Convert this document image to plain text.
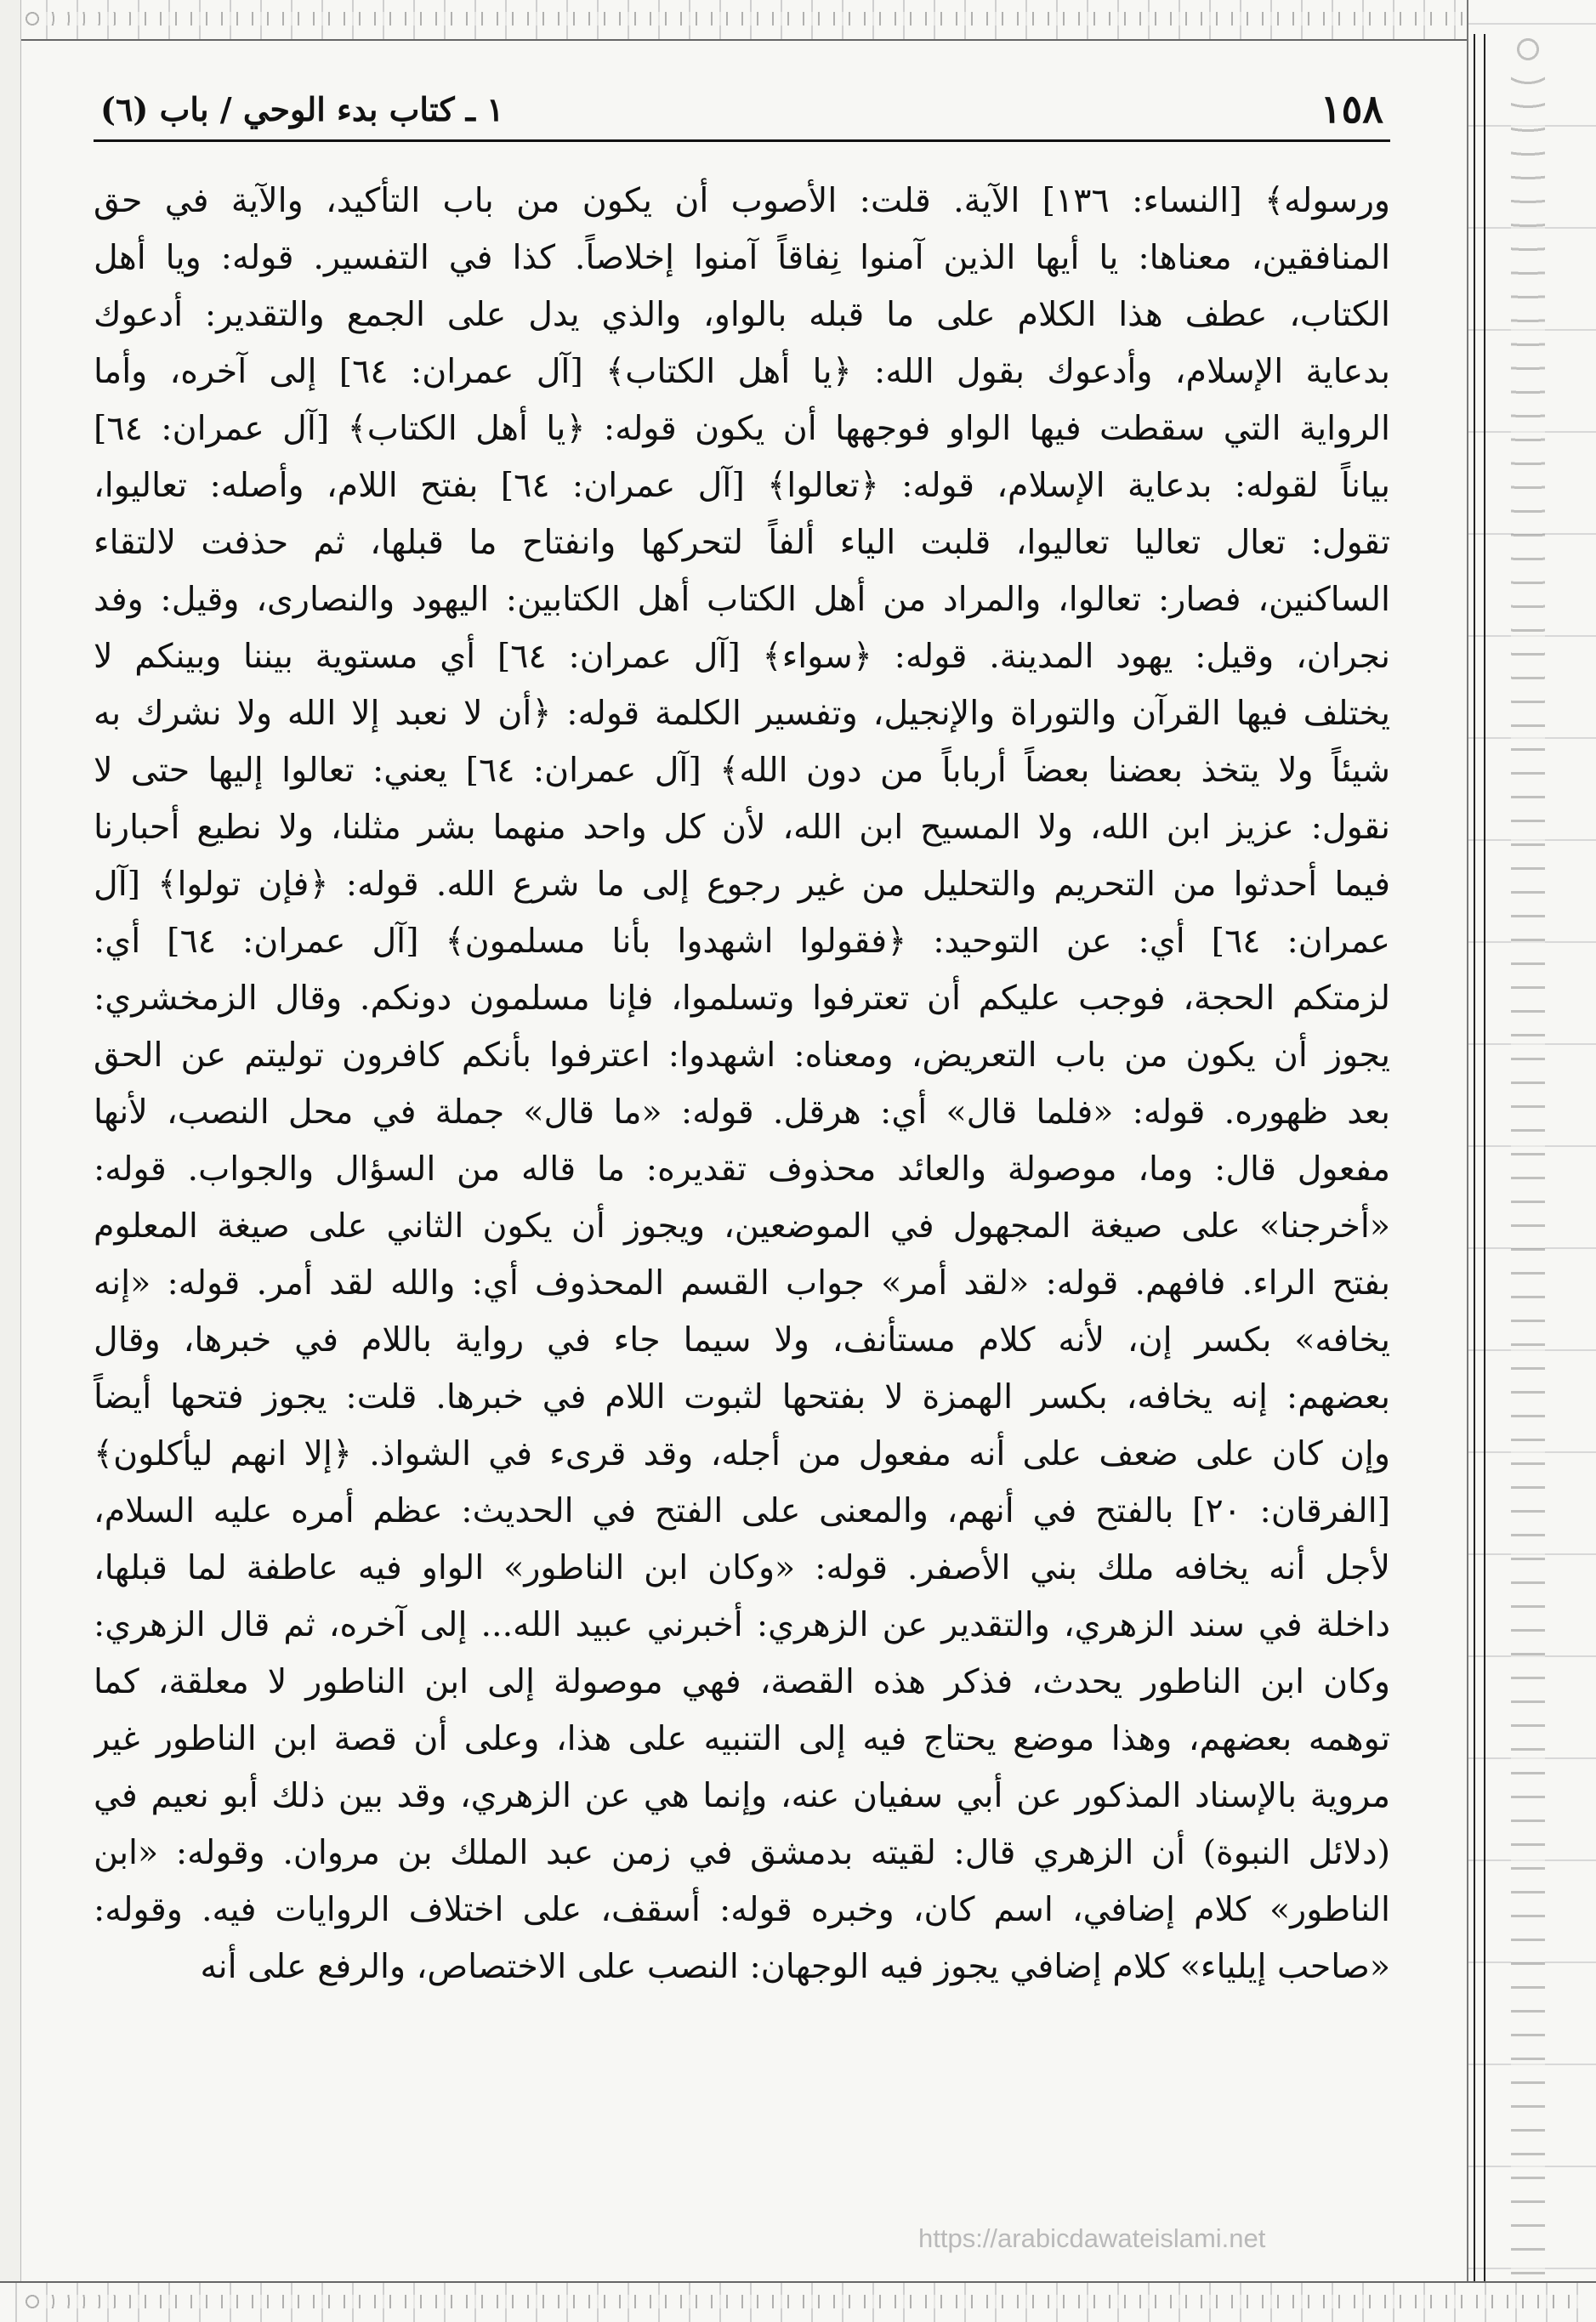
١٥٨
١ ـ كتاب بدء الوحي / باب (٦)
ورسوله﴾ [النساء: ١٣٦] الآية. قلت: الأصوب أن يكون من باب التأكيد، والآية في حق
المنافقين، معناها: يا أيها الذين آمنوا نِفاقاً آمنوا إخلاصاً. كذا في التفسير. قوله: ويا أهل
الكتاب، عطف هذا الكلام على ما قبله بالواو، والذي يدل على الجمع والتقدير: أدعوك
بدعاية الإسلام، وأدعوك بقول الله: ﴿يا أهل الكتاب﴾ [آل عمران: ٦٤] إلى آخره، وأما
الرواية التي سقطت فيها الواو فوجهها أن يكون قوله: ﴿يا أهل الكتاب﴾ [آل عمران: ٦٤]
بياناً لقوله: بدعاية الإسلام، قوله: ﴿تعالوا﴾ [آل عمران: ٦٤] بفتح اللام، وأصله: تعاليوا،
تقول: تعال تعاليا تعاليوا، قلبت الياء ألفاً لتحركها وانفتاح ما قبلها، ثم حذفت لالتقاء
الساكنين، فصار: تعالوا، والمراد من أهل الكتاب أهل الكتابين: اليهود والنصارى، وقيل: وفد
نجران، وقيل: يهود المدينة. قوله: ﴿سواء﴾ [آل عمران: ٦٤] أي مستوية بيننا وبينكم لا
يختلف فيها القرآن والتوراة والإنجيل، وتفسير الكلمة قوله: ﴿أن لا نعبد إلا الله ولا نشرك به
شيئاً ولا يتخذ بعضنا بعضاً أرباباً من دون الله﴾ [آل عمران: ٦٤] يعني: تعالوا إليها حتى لا
نقول: عزيز ابن الله، ولا المسيح ابن الله، لأن كل واحد منهما بشر مثلنا، ولا نطيع أحبارنا
فيما أحدثوا من التحريم والتحليل من غير رجوع إلى ما شرع الله. قوله: ﴿فإن تولوا﴾ [آل
عمران: ٦٤] أي: عن التوحيد: ﴿فقولوا اشهدوا بأنا مسلمون﴾ [آل عمران: ٦٤] أي:
لزمتكم الحجة، فوجب عليكم أن تعترفوا وتسلموا، فإنا مسلمون دونكم. وقال الزمخشري:
يجوز أن يكون من باب التعريض، ومعناه: اشهدوا: اعترفوا بأنكم كافرون توليتم عن الحق
بعد ظهوره. قوله: «فلما قال» أي: هرقل. قوله: «ما قال» جملة في محل النصب، لأنها
مفعول قال: وما، موصولة والعائد محذوف تقديره: ما قاله من السؤال والجواب. قوله:
«أخرجنا» على صيغة المجهول في الموضعين، ويجوز أن يكون الثاني على صيغة المعلوم
بفتح الراء. فافهم. قوله: «لقد أمر» جواب القسم المحذوف أي: والله لقد أمر. قوله: «إنه
يخافه» بكسر إن، لأنه كلام مستأنف، ولا سيما جاء في رواية باللام في خبرها، وقال
بعضهم: إنه يخافه، بكسر الهمزة لا بفتحها لثبوت اللام في خبرها. قلت: يجوز فتحها أيضاً
وإن كان على ضعف على أنه مفعول من أجله، وقد قرىء في الشواذ. ﴿إلا انهم ليأكلون﴾
[الفرقان: ٢٠] بالفتح في أنهم، والمعنى على الفتح في الحديث: عظم أمره عليه السلام،
لأجل أنه يخافه ملك بني الأصفر. قوله: «وكان ابن الناطور» الواو فيه عاطفة لما قبلها،
داخلة في سند الزهري، والتقدير عن الزهري: أخبرني عبيد الله... إلى آخره، ثم قال الزهري:
وكان ابن الناطور يحدث، فذكر هذه القصة، فهي موصولة إلى ابن الناطور لا معلقة، كما
توهمه بعضهم، وهذا موضع يحتاج فيه إلى التنبيه على هذا، وعلى أن قصة ابن الناطور غير
مروية بالإسناد المذكور عن أبي سفيان عنه، وإنما هي عن الزهري، وقد بين ذلك أبو نعيم في
(دلائل النبوة) أن الزهري قال: لقيته بدمشق في زمن عبد الملك بن مروان. وقوله: «ابن
الناطور» كلام إضافي، اسم كان، وخبره قوله: أسقف، على اختلاف الروايات فيه. وقوله:
«صاحب إيلياء» كلام إضافي يجوز فيه الوجهان: النصب على الاختصاص، والرفع على أنه
https://arabicdawateislami.net
